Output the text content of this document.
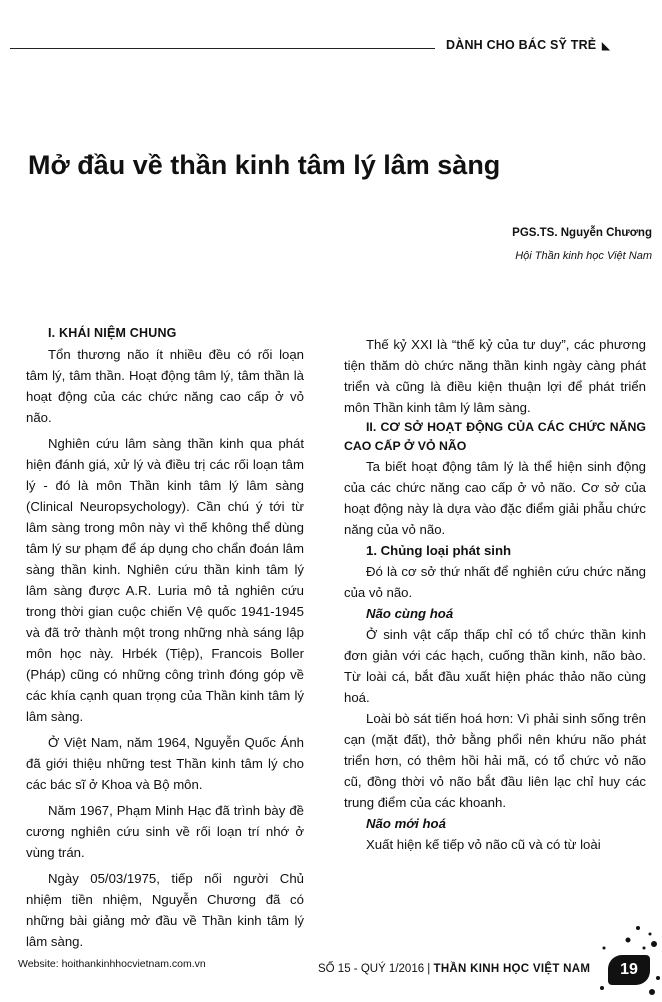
DÀNH CHO BÁC SỸ TRẺ ◣
Mở đầu về thần kinh tâm lý lâm sàng
PGS.TS. Nguyễn Chương
Hội Thần kinh học Việt Nam

I. KHÁI NIỆM CHUNG

Tổn thương não ít nhiều đều có rối loạn tâm lý, tâm thần. Hoạt động tâm lý, tâm thần là hoạt động của các chức năng cao cấp ở vỏ não.

Nghiên cứu lâm sàng thần kinh qua phát hiện đánh giá, xử lý và điều trị các rối loạn tâm lý - đó là môn Thần kinh tâm lý lâm sàng (Clinical Neuropsychology). Cần chú ý tới từ lâm sàng trong môn này vì thế không thể dùng tâm lý sư phạm để áp dụng cho chẩn đoán lâm sàng thần kinh. Nghiên cứu thần kinh tâm lý lâm sàng được A.R. Luria mô tả nghiên cứu trong thời gian cuộc chiến Vệ quốc 1941-1945 và đã trở thành một trong những nhà sáng lập môn học này. Hrbék (Tiệp), Francois Boller (Pháp) cũng có những công trình đóng góp về các khía cạnh quan trọng của Thần kinh tâm lý lâm sàng.

Ở Việt Nam, năm 1964, Nguyễn Quốc Ánh đã giới thiệu những test Thần kinh tâm lý cho các bác sĩ ở Khoa và Bộ môn.

Năm 1967, Phạm Minh Hạc đã trình bày đề cương nghiên cứu sinh về rối loạn trí nhớ ở vùng trán.

Ngày 05/03/1975, tiếp nối người Chủ nhiệm tiền nhiệm, Nguyễn Chương đã có những bài giảng mở đầu về Thần kinh tâm lý lâm sàng.

Thế kỷ XXI là “thế kỷ của tư duy”, các phương tiện thăm dò chức năng thần kinh ngày càng phát triển và cũng là điều kiện thuận lợi để phát triển môn Thần kinh tâm lý lâm sàng.

II. CƠ SỞ HOẠT ĐỘNG CỦA CÁC CHỨC NĂNG CAO CẤP Ở VỎ NÃO

Ta biết hoạt động tâm lý là thể hiện sinh động của các chức năng cao cấp ở vỏ não. Cơ sở của hoạt động này là dựa vào đặc điểm giải phẫu chức năng của vỏ não.

1. Chủng loại phát sinh

Đó là cơ sở thứ nhất để nghiên cứu chức năng của vỏ não.

Não cùng hoá

Ở sinh vật cấp thấp chỉ có tổ chức thần kinh đơn giản với các hạch, cuống thần kinh, não bào. Từ loài cá, bắt đầu xuất hiện phác thảo não cùng hoá.

Loài bò sát tiến hoá hơn: Vì phải sinh sống trên cạn (mặt đất), thở bằng phổi nên khứu não phát triển hơn, có thêm hồi hải mã, có tổ chức vỏ não cũ, đồng thời vỏ não bắt đầu liên lạc chỉ huy các trung điểm của các khoanh.

Não mới hoá

Xuất hiện kế tiếp vỏ não cũ và có từ loài

Website: hoithankinhhocvietnam.com.vn	SỐ 15 - QUÝ 1/2016 | THẦN KINH HỌC VIỆT NAM	19
